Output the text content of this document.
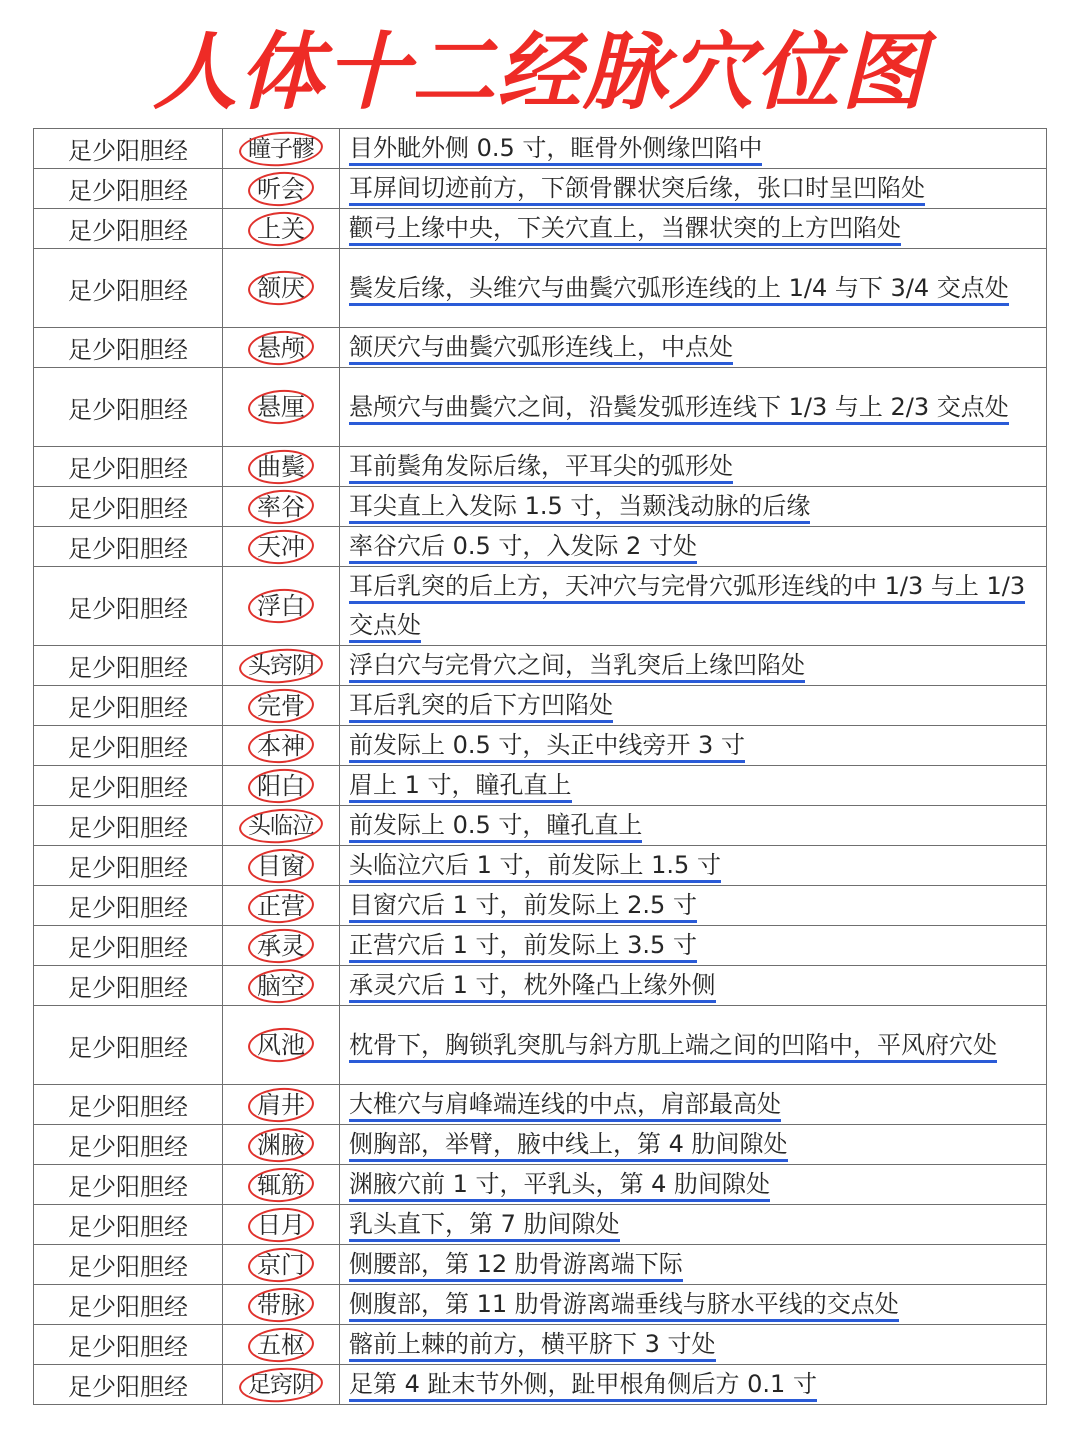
人体十二经脉穴位图
足少阳胆经	瞳子髎	目外眦外侧 0.5 寸，眶骨外侧缘凹陷中

足少阳胆经	听会	耳屏间切迹前方，下颌骨髁状突后缘，张口时呈凹陷处

足少阳胆经	上关	颧弓上缘中央，下关穴直上，当髁状突的上方凹陷处

足少阳胆经	颔厌	鬓发后缘，头维穴与曲鬓穴弧形连线的上 1/4 与下 3/4 交点处

足少阳胆经	悬颅	颔厌穴与曲鬓穴弧形连线上，中点处

足少阳胆经	悬厘	悬颅穴与曲鬓穴之间，沿鬓发弧形连线下 1/3 与上 2/3 交点处

足少阳胆经	曲鬓	耳前鬓角发际后缘，平耳尖的弧形处

足少阳胆经	率谷	耳尖直上入发际 1.5 寸，当颞浅动脉的后缘

足少阳胆经	天冲	率谷穴后 0.5 寸，入发际 2 寸处

足少阳胆经	浮白	耳后乳突的后上方，天冲穴与完骨穴弧形连线的中 1/3 与上 1/3 交点处

足少阳胆经	头窍阴	浮白穴与完骨穴之间，当乳突后上缘凹陷处

足少阳胆经	完骨	耳后乳突的后下方凹陷处

足少阳胆经	本神	前发际上 0.5 寸，头正中线旁开 3 寸

足少阳胆经	阳白	眉上 1 寸，瞳孔直上

足少阳胆经	头临泣	前发际上 0.5 寸，瞳孔直上

足少阳胆经	目窗	头临泣穴后 1 寸，前发际上 1.5 寸

足少阳胆经	正营	目窗穴后 1 寸，前发际上 2.5 寸

足少阳胆经	承灵	正营穴后 1 寸，前发际上 3.5 寸

足少阳胆经	脑空	承灵穴后 1 寸，枕外隆凸上缘外侧

足少阳胆经	风池	枕骨下，胸锁乳突肌与斜方肌上端之间的凹陷中，平风府穴处

足少阳胆经	肩井	大椎穴与肩峰端连线的中点，肩部最高处

足少阳胆经	渊腋	侧胸部，举臂，腋中线上，第 4 肋间隙处

足少阳胆经	辄筋	渊腋穴前 1 寸，平乳头，第 4 肋间隙处

足少阳胆经	日月	乳头直下，第 7 肋间隙处

足少阳胆经	京门	侧腰部，第 12 肋骨游离端下际

足少阳胆经	带脉	侧腹部，第 11 肋骨游离端垂线与脐水平线的交点处

足少阳胆经	五枢	髂前上棘的前方，横平脐下 3 寸处

足少阳胆经	足窍阴	足第 4 趾末节外侧，趾甲根角侧后方 0.1 寸
